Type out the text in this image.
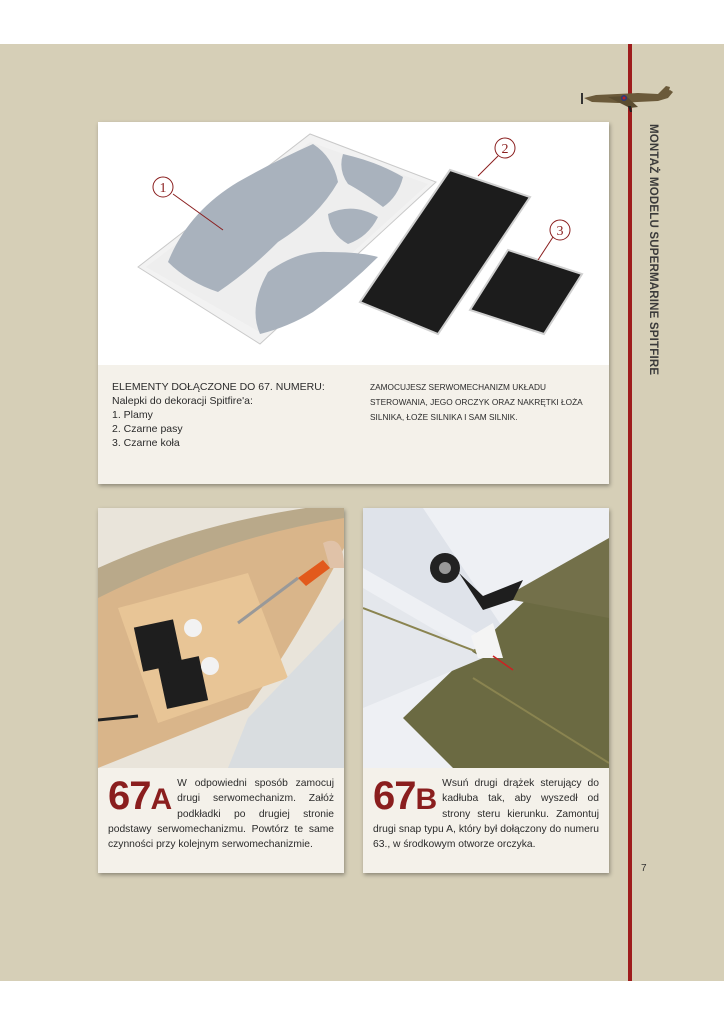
MONTAŻ MODELU SUPERMARINE SPITFIRE
7
1
2
3
ELEMENTY DOŁĄCZONE DO 67. NUMERU:
Nalepki do dekoracji Spitfire'a:
1. Plamy
2. Czarne pasy
3. Czarne koła
ZAMOCUJESZ SERWOMECHANIZM UKŁADU STEROWANIA, JEGO ORCZYK ORAZ NAKRĘTKI ŁOŻA SILNIKA, ŁOŻE SILNIKA I SAM SILNIK.
67A W odpowiedni sposób zamocuj drugi serwomechanizm. Załóż podkładki po drugiej stronie podstawy serwomechanizmu. Powtórz te same czynności przy kolejnym serwomechanizmie.
67B Wsuń drugi drążek sterujący do kadłuba tak, aby wyszedł od strony steru kierunku. Zamontuj drugi snap typu A, który był dołączony do numeru 63., w środkowym otworze orczyka.
